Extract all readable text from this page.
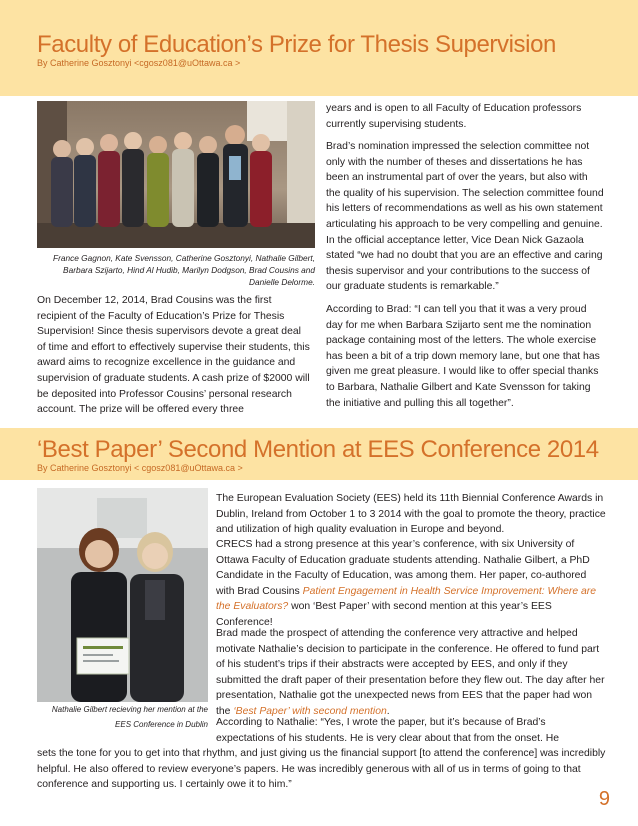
Faculty of Education’s Prize for Thesis Supervision
By Catherine Gosztonyi <cgosz081@uOttawa.ca >

France Gagnon, Kate Svensson, Catherine Gosztonyi, Nathalie Gilbert, Barbara Szijarto, Hind Al Hudib, Marilyn Dodgson, Brad Cousins and Danielle Delorme.

On December 12, 2014, Brad Cousins was the first recipient of the Faculty of Education’s Prize for Thesis Supervision! Since thesis supervisors devote a great deal of time and effort to effectively supervise their students, this award aims to recognize excellence in the guidance and supervision of graduate students. A cash prize of $2000 will be deposited into Professor Cousins’ personal research account. The prize will be offered every three

years and is open to all Faculty of Education professors currently supervising students.

Brad’s nomination impressed the selection committee not only with the number of theses and dissertations he has been an instrumental part of over the years, but also with the quality of his supervision. The selection committee found his letters of recommendations as well as his own statement articulating his approach to be very compelling and genuine. In the official acceptance letter, Vice Dean Nick Gazaola stated “we had no doubt that you are an effective and caring thesis supervisor and your contributions to the success of our graduate students is remarkable.”

According to Brad: “I can tell you that it was a very proud day for me when Barbara Szijarto sent me the nomination package containing most of the letters. The whole exercise has been a bit of a trip down memory lane, but one that has given me great pleasure. I would like to offer special thanks to Barbara, Nathalie Gilbert and Kate Svensson for taking the initiative and pulling this all together”.

‘Best Paper’ Second Mention at EES Conference 2014
By Catherine Gosztonyi < cgosz081@uOttawa.ca >

Nathalie Gilbert recieving her mention at the EES Conference in Dublin

The European Evaluation Society (EES) held its 11th Biennial Conference Awards in Dublin, Ireland from October 1 to 3 2014 with the goal to promote the theory, practice and utilization of high quality evaluation in Europe and beyond.

CRECS had a strong presence at this year’s conference, with six University of Ottawa Faculty of Education graduate students attending. Nathalie Gilbert, a PhD Candidate in the Faculty of Education, was among them. Her paper, co-authored with Brad Cousins Patient Engagement in Health Service Improvement: Where are the Evaluators? won ‘Best Paper’ with second mention at this year’s EES Conference!

Brad made the prospect of attending the conference very attractive and helped motivate Nathalie’s decision to participate in the conference. He offered to fund part of his student’s trips if their abstracts were accepted by EES, and only if they submitted the draft paper of their presentation before they flew out. The day after her presentation, Nathalie got the unexpected news from EES that the paper had won the ‘Best Paper’ with second mention.

According to Nathalie: “Yes, I wrote the paper, but it’s because of Brad’s expectations of his students. He is very clear about that from the onset. He

sets the tone for you to get into that rhythm, and just giving us the financial support [to attend the conference] was incredibly helpful. He also offered to review everyone’s papers. He was incredibly generous with all of us in terms of going to that conference and supporting us. I certainly owe it to him.”

9
